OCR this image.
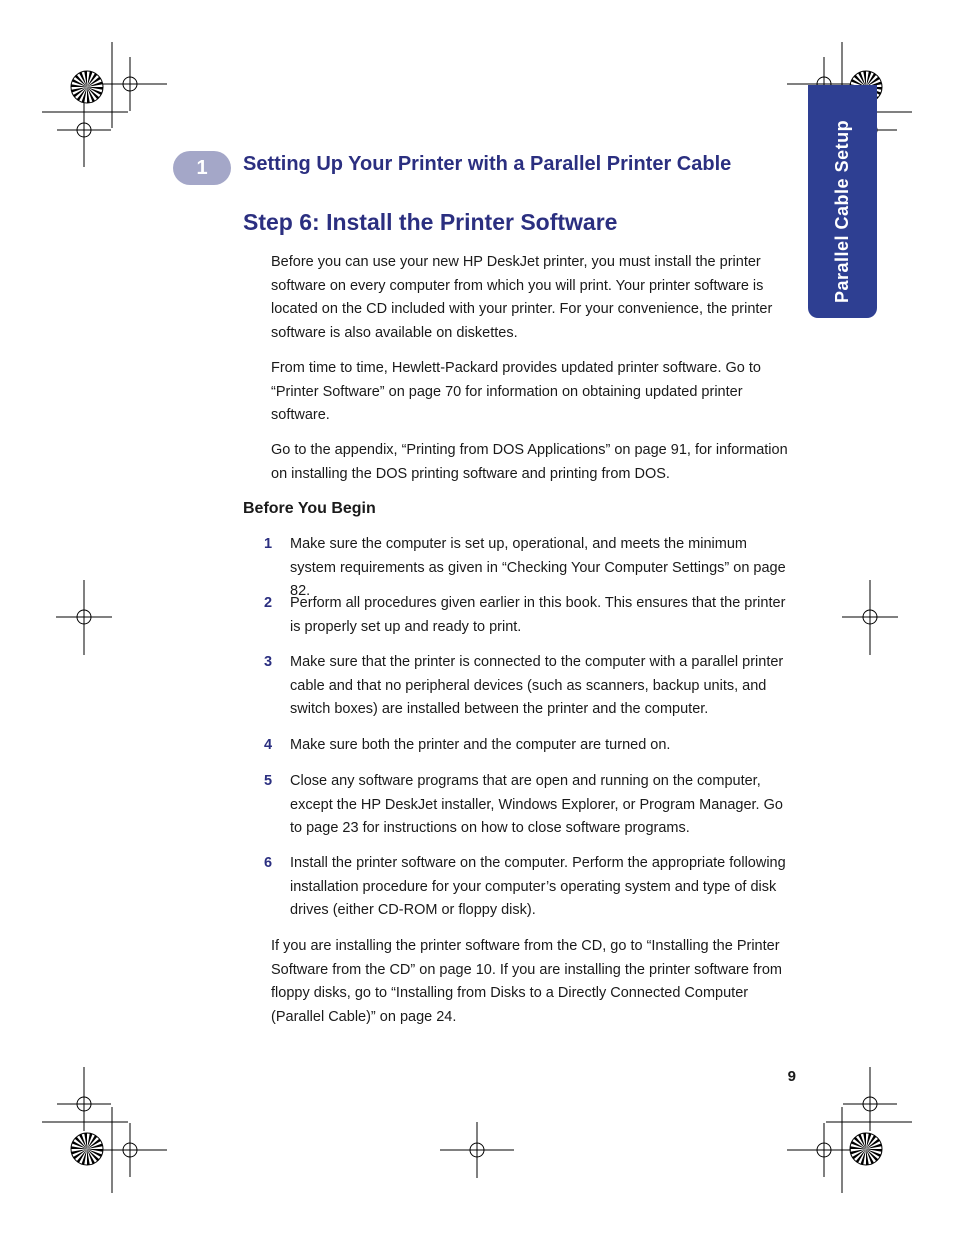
Parallel Cable Setup
1	Setting Up Your Printer with a Parallel Printer Cable
Step 6: Install the Printer Software
Before you can use your new HP DeskJet printer, you must install the printer software on every computer from which you will print. Your printer software is located on the CD included with your printer. For your convenience, the printer software is also available on diskettes.
From time to time, Hewlett-Packard provides updated printer software. Go to “Printer Software” on page 70 for information on obtaining updated printer software.
Go to the appendix, “Printing from DOS Applications” on page 91, for information on installing the DOS printing software and printing from DOS.
Before You Begin
1	Make sure the computer is set up, operational, and meets the minimum system requirements as given in “Checking Your Computer Settings” on page 82.
2	Perform all procedures given earlier in this book. This ensures that the printer is properly set up and ready to print.
3	Make sure that the printer is connected to the computer with a parallel printer cable and that no peripheral devices (such as scanners, backup units, and switch boxes) are installed between the printer and the computer.
4	Make sure both the printer and the computer are turned on.
5	Close any software programs that are open and running on the computer, except the HP DeskJet installer, Windows Explorer, or Program Manager. Go to page 23 for instructions on how to close software programs.
6	Install the printer software on the computer. Perform the appropriate following installation procedure for your computer’s operating system and type of disk drives (either CD-ROM or floppy disk).
If you are installing the printer software from the CD, go to “Installing the Printer Software from the CD” on page 10. If you are installing the printer software from floppy disks, go to “Installing from Disks to a Directly Connected Computer (Parallel Cable)” on page 24.
9
